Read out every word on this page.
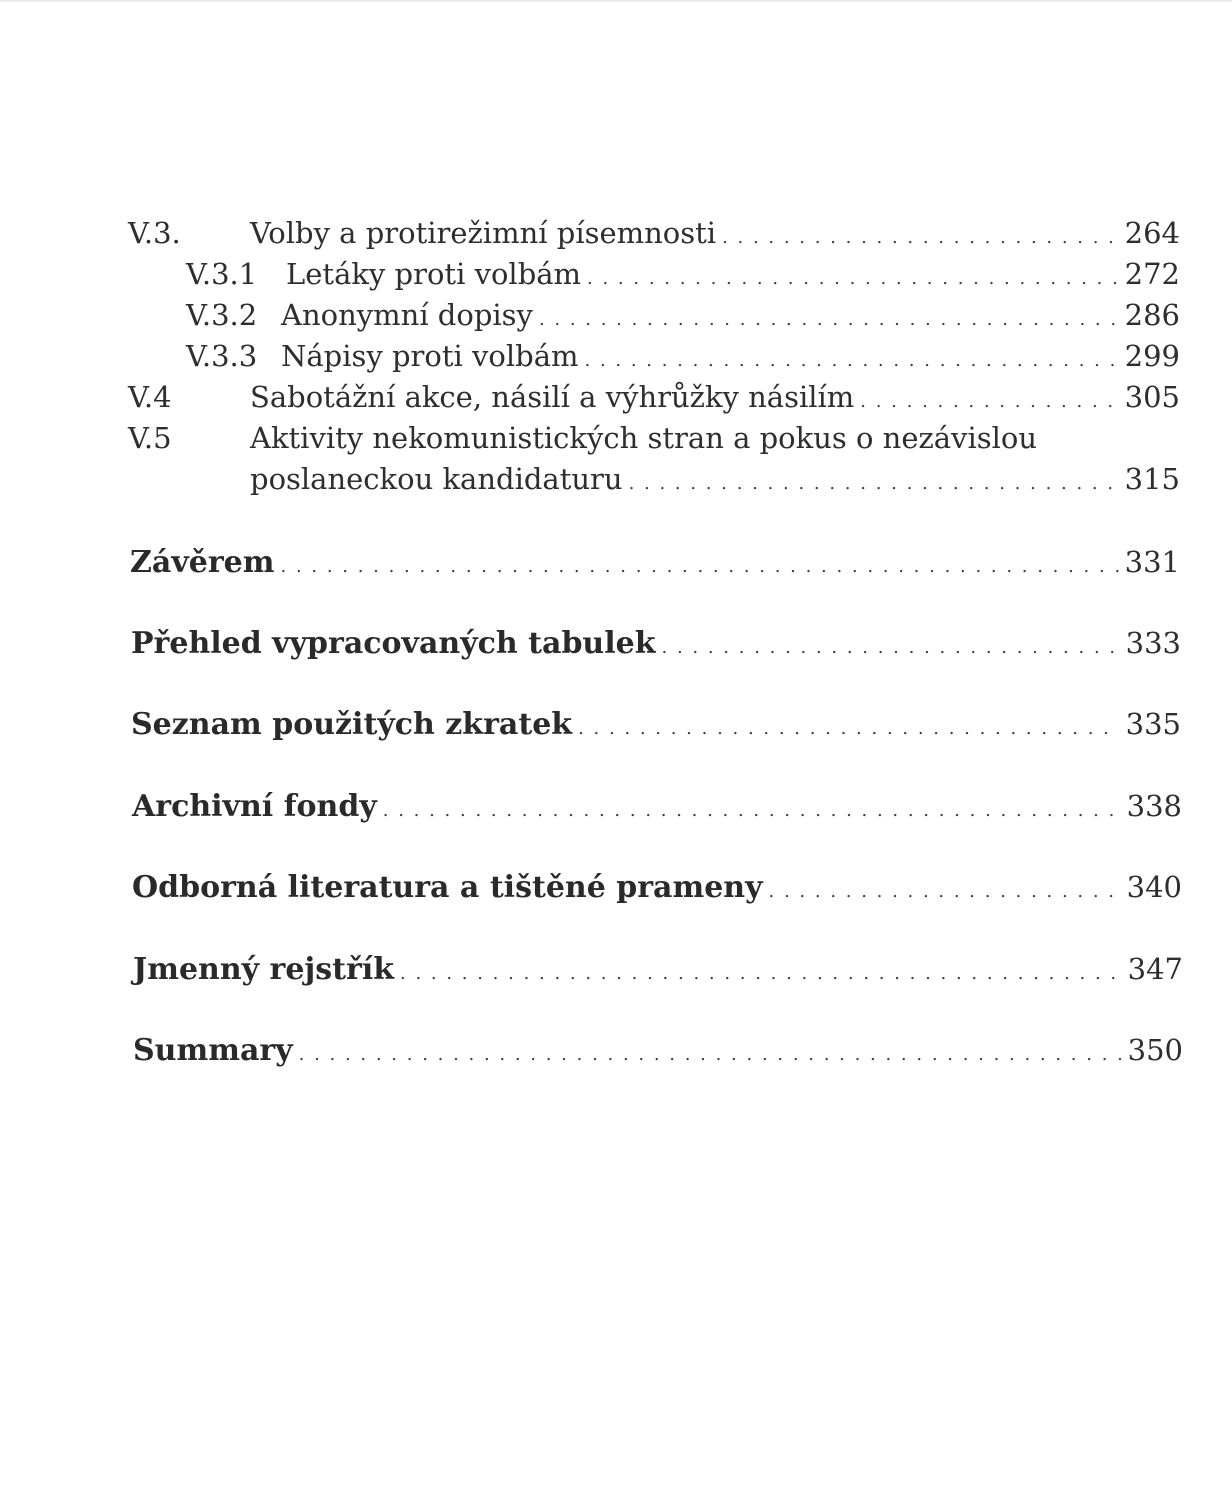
V.3.	Volby a protirežimní písemnosti . . .	264
V.3.1 Letáky proti volbám . . .	272
V.3.2 Anonymní dopisy . . .	286
V.3.3 Nápisy proti volbám . . .	299
V.4	Sabotážní akce, násilí a výhrůžky násilím . . .	305
V.5	Aktivity nekomunistických stran a pokus o nezávislou
poslaneckou kandidaturu . . .	315
Závěrem . . .	331
Přehled vypracovaných tabulek . . .	333
Seznam použitých zkratek . . .	335
Archivní fondy . . .	338
Odborná literatura a tištěné prameny . . .	340
Jmenný rejstřík . . .	347
Summary . . .	350
